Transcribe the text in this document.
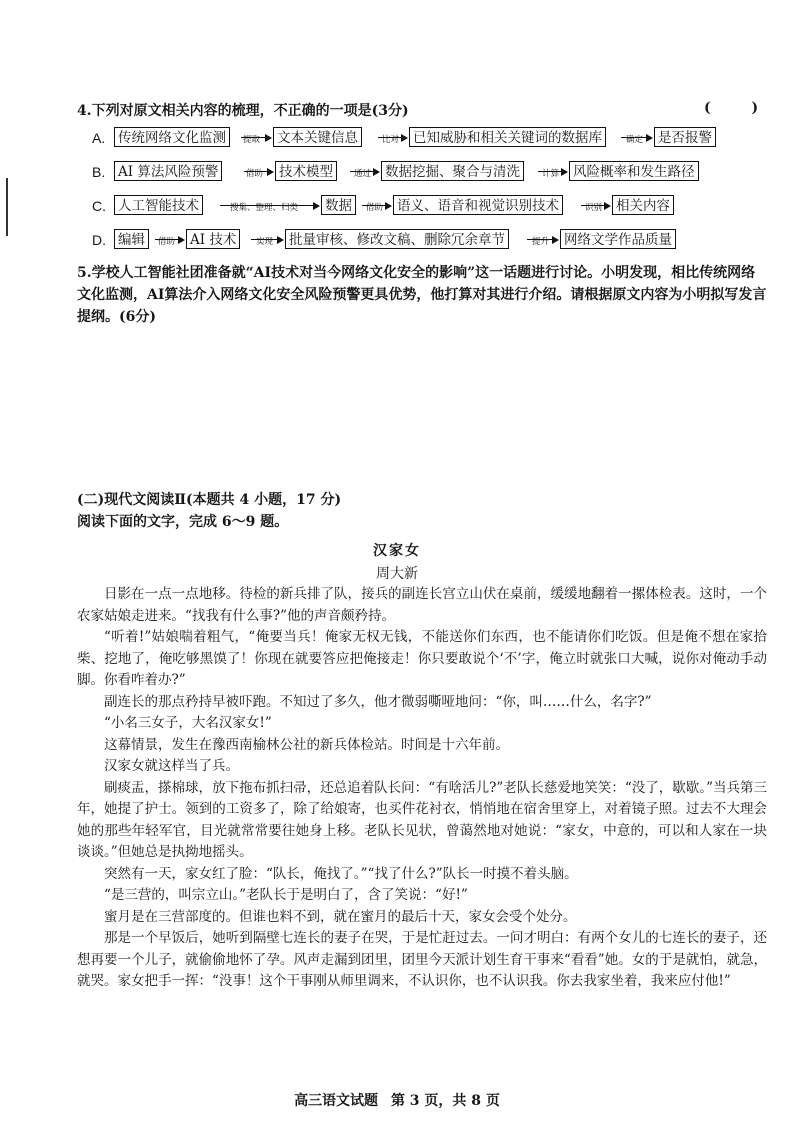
4.下列对原文相关内容的梳理，不正确的一项是(3分)	( )
A. 传统网络文化监测	提取 文本关键信息	比对 已知威胁和相关关键词的数据库	确定 是否报警
B. AI 算法风险预警	借助 技术模型	通过 数据挖掘、聚合与清洗	计算 风险概率和发生路径
C. 人工智能技术	搜集、整理、归类 数据	借助 语义、语音和视觉识别技术	识别 相关内容
D. 编辑	借助 AI 技术	实现 批量审核、修改文稿、删除冗余章节	提升 网络文学作品质量
5.学校人工智能社团准备就“AI技术对当今网络文化安全的影响”这一话题进行讨论。小明发现，相比传统网络文化监测，AI算法介入网络文化安全风险预警更具优势，他打算对其进行介绍。请根据原文内容为小明拟写发言提纲。(6分)
(二)现代文阅读Ⅱ(本题共 4 小题，17 分)
阅读下面的文字，完成 6～9 题。
汉家女
周大新

日影在一点一点地移。待检的新兵排了队，接兵的副连长宫立山伏在桌前，缓缓地翻着一摞体检表。这时，一个农家姑娘走进来。“找我有什么事?”他的声音颇矜持。

“听着!”姑娘喘着粗气，“俺要当兵！俺家无权无钱，不能送你们东西，也不能请你们吃饭。但是俺不想在家拾柴、挖地了，俺吃够黑馍了！你现在就要答应把俺接走！你只要敢说个‘不’字，俺立时就张口大喊，说你对俺动手动脚。你看咋着办?”

副连长的那点矜持早被吓跑。不知过了多久，他才微弱嘶哑地问：“你，叫……什么，名字?”

“小名三女子，大名汉家女!”

这幕情景，发生在豫西南榆林公社的新兵体检站。时间是十六年前。

汉家女就这样当了兵。

刷痰盂，搽棉球，放下拖布抓扫帚，还总追着队长问：“有啥活儿?”老队长慈爱地笑笑：“没了，歇歇。”当兵第三年，她提了护士。领到的工资多了，除了给娘寄，也买件花衬衣，悄悄地在宿舍里穿上，对着镜子照。过去不大理会她的那些年轻军官，目光就常常要往她身上移。老队长见状，曾蔼然地对她说：“家女，中意的，可以和人家在一块谈谈。”但她总是执拗地摇头。

突然有一天，家女红了脸：“队长，俺找了。”“找了什么?”队长一时摸不着头脑。

“是三营的，叫宗立山。”老队长于是明白了，含了笑说：“好!”

蜜月是在三营部度的。但谁也料不到，就在蜜月的最后十天，家女会受个处分。

那是一个早饭后，她听到隔壁七连长的妻子在哭，于是忙赶过去。一问才明白：有两个女儿的七连长的妻子，还想再要一个儿子，就偷偷地怀了孕。风声走漏到团里，团里今天派计划生育干事来“看看”她。女的于是就怕，就急，就哭。家女把手一挥：“没事！这个干事刚从师里调来，不认识你，也不认识我。你去我家坐着，我来应付他!”

高三语文试题 第 3 页，共 8 页
